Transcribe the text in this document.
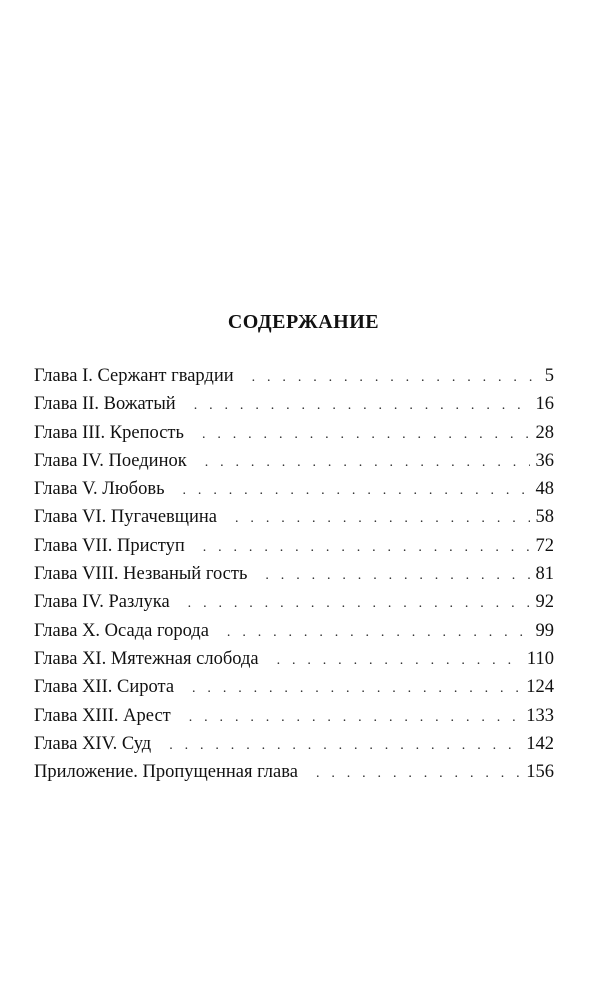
СОДЕРЖАНИЕ
Глава I. Сержант гвардии . . .	5
Глава II. Вожатый . . .	16
Глава III. Крепость . . .	28
Глава IV. Поединок . . .	36
Глава V. Любовь . . .	48
Глава VI. Пугачевщина . . .	58
Глава VII. Приступ . . .	72
Глава VIII. Незваный гость . . .	81
Глава IV. Разлука . . .	92
Глава X. Осада города . . .	99
Глава XI. Мятежная слобода . . .	110
Глава XII. Сирота . . .	124
Глава XIII. Арест . . .	133
Глава XIV. Суд . . .	142
Приложение. Пропущенная глава . . .	156
